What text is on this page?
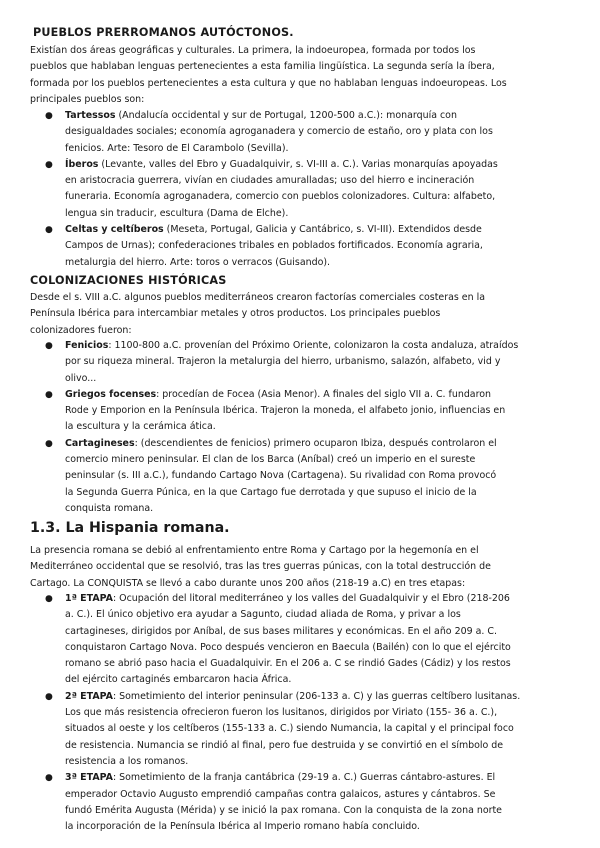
PUEBLOS PRERROMANOS AUTÓCTONOS.
Existían dos áreas geográficas y culturales. La primera, la indoeuropea, formada por todos los
pueblos que hablaban lenguas pertenecientes a esta familia lingüística. La segunda sería la íbera,
formada por los pueblos pertenecientes a esta cultura y que no hablaban lenguas indoeuropeas. Los
principales pueblos son:
● Tartessos (Andalucía occidental y sur de Portugal, 1200-500 a.C.): monarquía con
desigualdades sociales; economía agroganadera y comercio de estaño, oro y plata con los
fenicios. Arte: Tesoro de El Carambolo (Sevilla).
● Íberos (Levante, valles del Ebro y Guadalquivir, s. VI-III a. C.). Varias monarquías apoyadas
en aristocracia guerrera, vivían en ciudades amuralladas; uso del hierro e incineración
funeraria. Economía agroganadera, comercio con pueblos colonizadores. Cultura: alfabeto,
lengua sin traducir, escultura (Dama de Elche).
● Celtas y celtíberos (Meseta, Portugal, Galicia y Cantábrico, s. VI-III). Extendidos desde
Campos de Urnas); confederaciones tribales en poblados fortificados. Economía agraria,
metalurgia del hierro. Arte: toros o verracos (Guisando).
COLONIZACIONES HISTÓRICAS
Desde el s. VIII a.C. algunos pueblos mediterráneos crearon factorías comerciales costeras en la
Península Ibérica para intercambiar metales y otros productos. Los principales pueblos
colonizadores fueron:
● Fenicios: 1100-800 a.C. provenían del Próximo Oriente, colonizaron la costa andaluza, atraídos
por su riqueza mineral. Trajeron la metalurgia del hierro, urbanismo, salazón, alfabeto, vid y
olivo...
● Griegos focenses: procedían de Focea (Asia Menor). A finales del siglo VII a. C. fundaron
Rode y Emporion en la Península Ibérica. Trajeron la moneda, el alfabeto jonio, influencias en
la escultura y la cerámica ática.
● Cartagineses: (descendientes de fenicios) primero ocuparon Ibiza, después controlaron el
comercio minero peninsular. El clan de los Barca (Aníbal) creó un imperio en el sureste
peninsular (s. III a.C.), fundando Cartago Nova (Cartagena). Su rivalidad con Roma provocó
la Segunda Guerra Púnica, en la que Cartago fue derrotada y que supuso el inicio de la
conquista romana.
1.3. La Hispania romana.
La presencia romana se debió al enfrentamiento entre Roma y Cartago por la hegemonía en el
Mediterráneo occidental que se resolvió, tras las tres guerras púnicas, con la total destrucción de
Cartago. La CONQUISTA se llevó a cabo durante unos 200 años (218-19 a.C) en tres etapas:
● 1ª ETAPA: Ocupación del litoral mediterráneo y los valles del Guadalquivir y el Ebro (218-206
a. C.). El único objetivo era ayudar a Sagunto, ciudad aliada de Roma, y privar a los
cartagineses, dirigidos por Aníbal, de sus bases militares y económicas. En el año 209 a. C.
conquistaron Cartago Nova. Poco después vencieron en Baecula (Bailén) con lo que el ejército
romano se abrió paso hacia el Guadalquivir. En el 206 a. C se rindió Gades (Cádiz) y los restos
del ejército cartaginés embarcaron hacia África.
● 2ª ETAPA: Sometimiento del interior peninsular (206-133 a. C) y las guerras celtíbero lusitanas.
Los que más resistencia ofrecieron fueron los lusitanos, dirigidos por Viriato (155- 36 a. C.),
situados al oeste y los celtíberos (155-133 a. C.) siendo Numancia, la capital y el principal foco
de resistencia. Numancia se rindió al final, pero fue destruida y se convirtió en el símbolo de
resistencia a los romanos.
● 3ª ETAPA: Sometimiento de la franja cantábrica (29-19 a. C.) Guerras cántabro-astures. El
emperador Octavio Augusto emprendió campañas contra galaicos, astures y cántabros. Se
fundó Emérita Augusta (Mérida) y se inició la pax romana. Con la conquista de la zona norte
la incorporación de la Península Ibérica al Imperio romano había concluido.
